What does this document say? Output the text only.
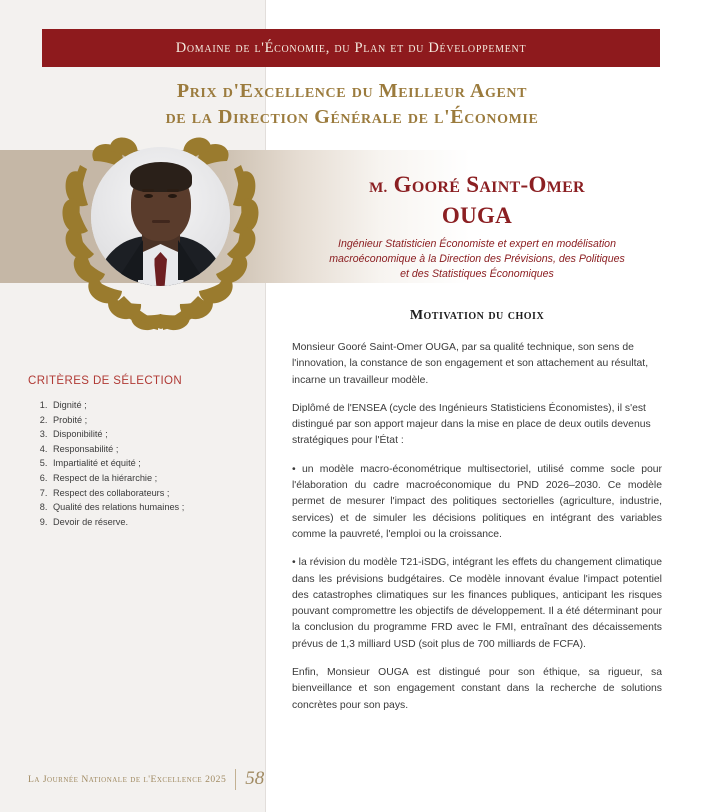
Domaine de l'Économie, du Plan et du Développement
Prix d'Excellence du Meilleur Agent
de la Direction Générale de l'Économie
M. Gooré Saint-Omer
OUGA
Ingénieur Statisticien Économiste et expert en modélisation
macroéconomique à la Direction des Prévisions, des Politiques
et des Statistiques Économiques
CRITÈRES DE SÉLECTION
1. Dignité ;
2. Probité ;
3. Disponibilité ;
4. Responsabilité ;
5. Impartialité et équité ;
6. Respect de la hiérarchie ;
7. Respect des collaborateurs ;
8. Qualité des relations humaines ;
9. Devoir de réserve.
Motivation du choix

Monsieur Gooré Saint-Omer OUGA, par sa qualité technique, son sens de l'innovation, la constance de son engagement et son attachement au résultat, incarne un travailleur modèle.

Diplômé de l'ENSEA (cycle des Ingénieurs Statisticiens Économistes), il s'est distingué par son apport majeur dans la mise en place de deux outils devenus stratégiques pour l'État :

• un modèle macro-économétrique multisectoriel, utilisé comme socle pour l'élaboration du cadre macroéconomique du PND 2026–2030. Ce modèle permet de mesurer l'impact des politiques sectorielles (agriculture, industrie, services) et de simuler les décisions politiques en intégrant des variables comme la pauvreté, l'emploi ou la croissance.

• la révision du modèle T21-iSDG, intégrant les effets du changement climatique dans les prévisions budgétaires. Ce modèle innovant évalue l'impact potentiel des catastrophes climatiques sur les finances publiques, anticipant les risques pouvant compromettre les objectifs de développement. Il a été déterminant pour la conclusion du programme FRD avec le FMI, entraînant des décaissements prévus de 1,3 milliard USD (soit plus de 700 milliards de FCFA).

Enfin, Monsieur OUGA est distingué pour son éthique, sa rigueur, sa bienveillance et son engagement constant dans la recherche de solutions concrètes pour son pays.

La Journée Nationale de l'Excellence 2025 58
